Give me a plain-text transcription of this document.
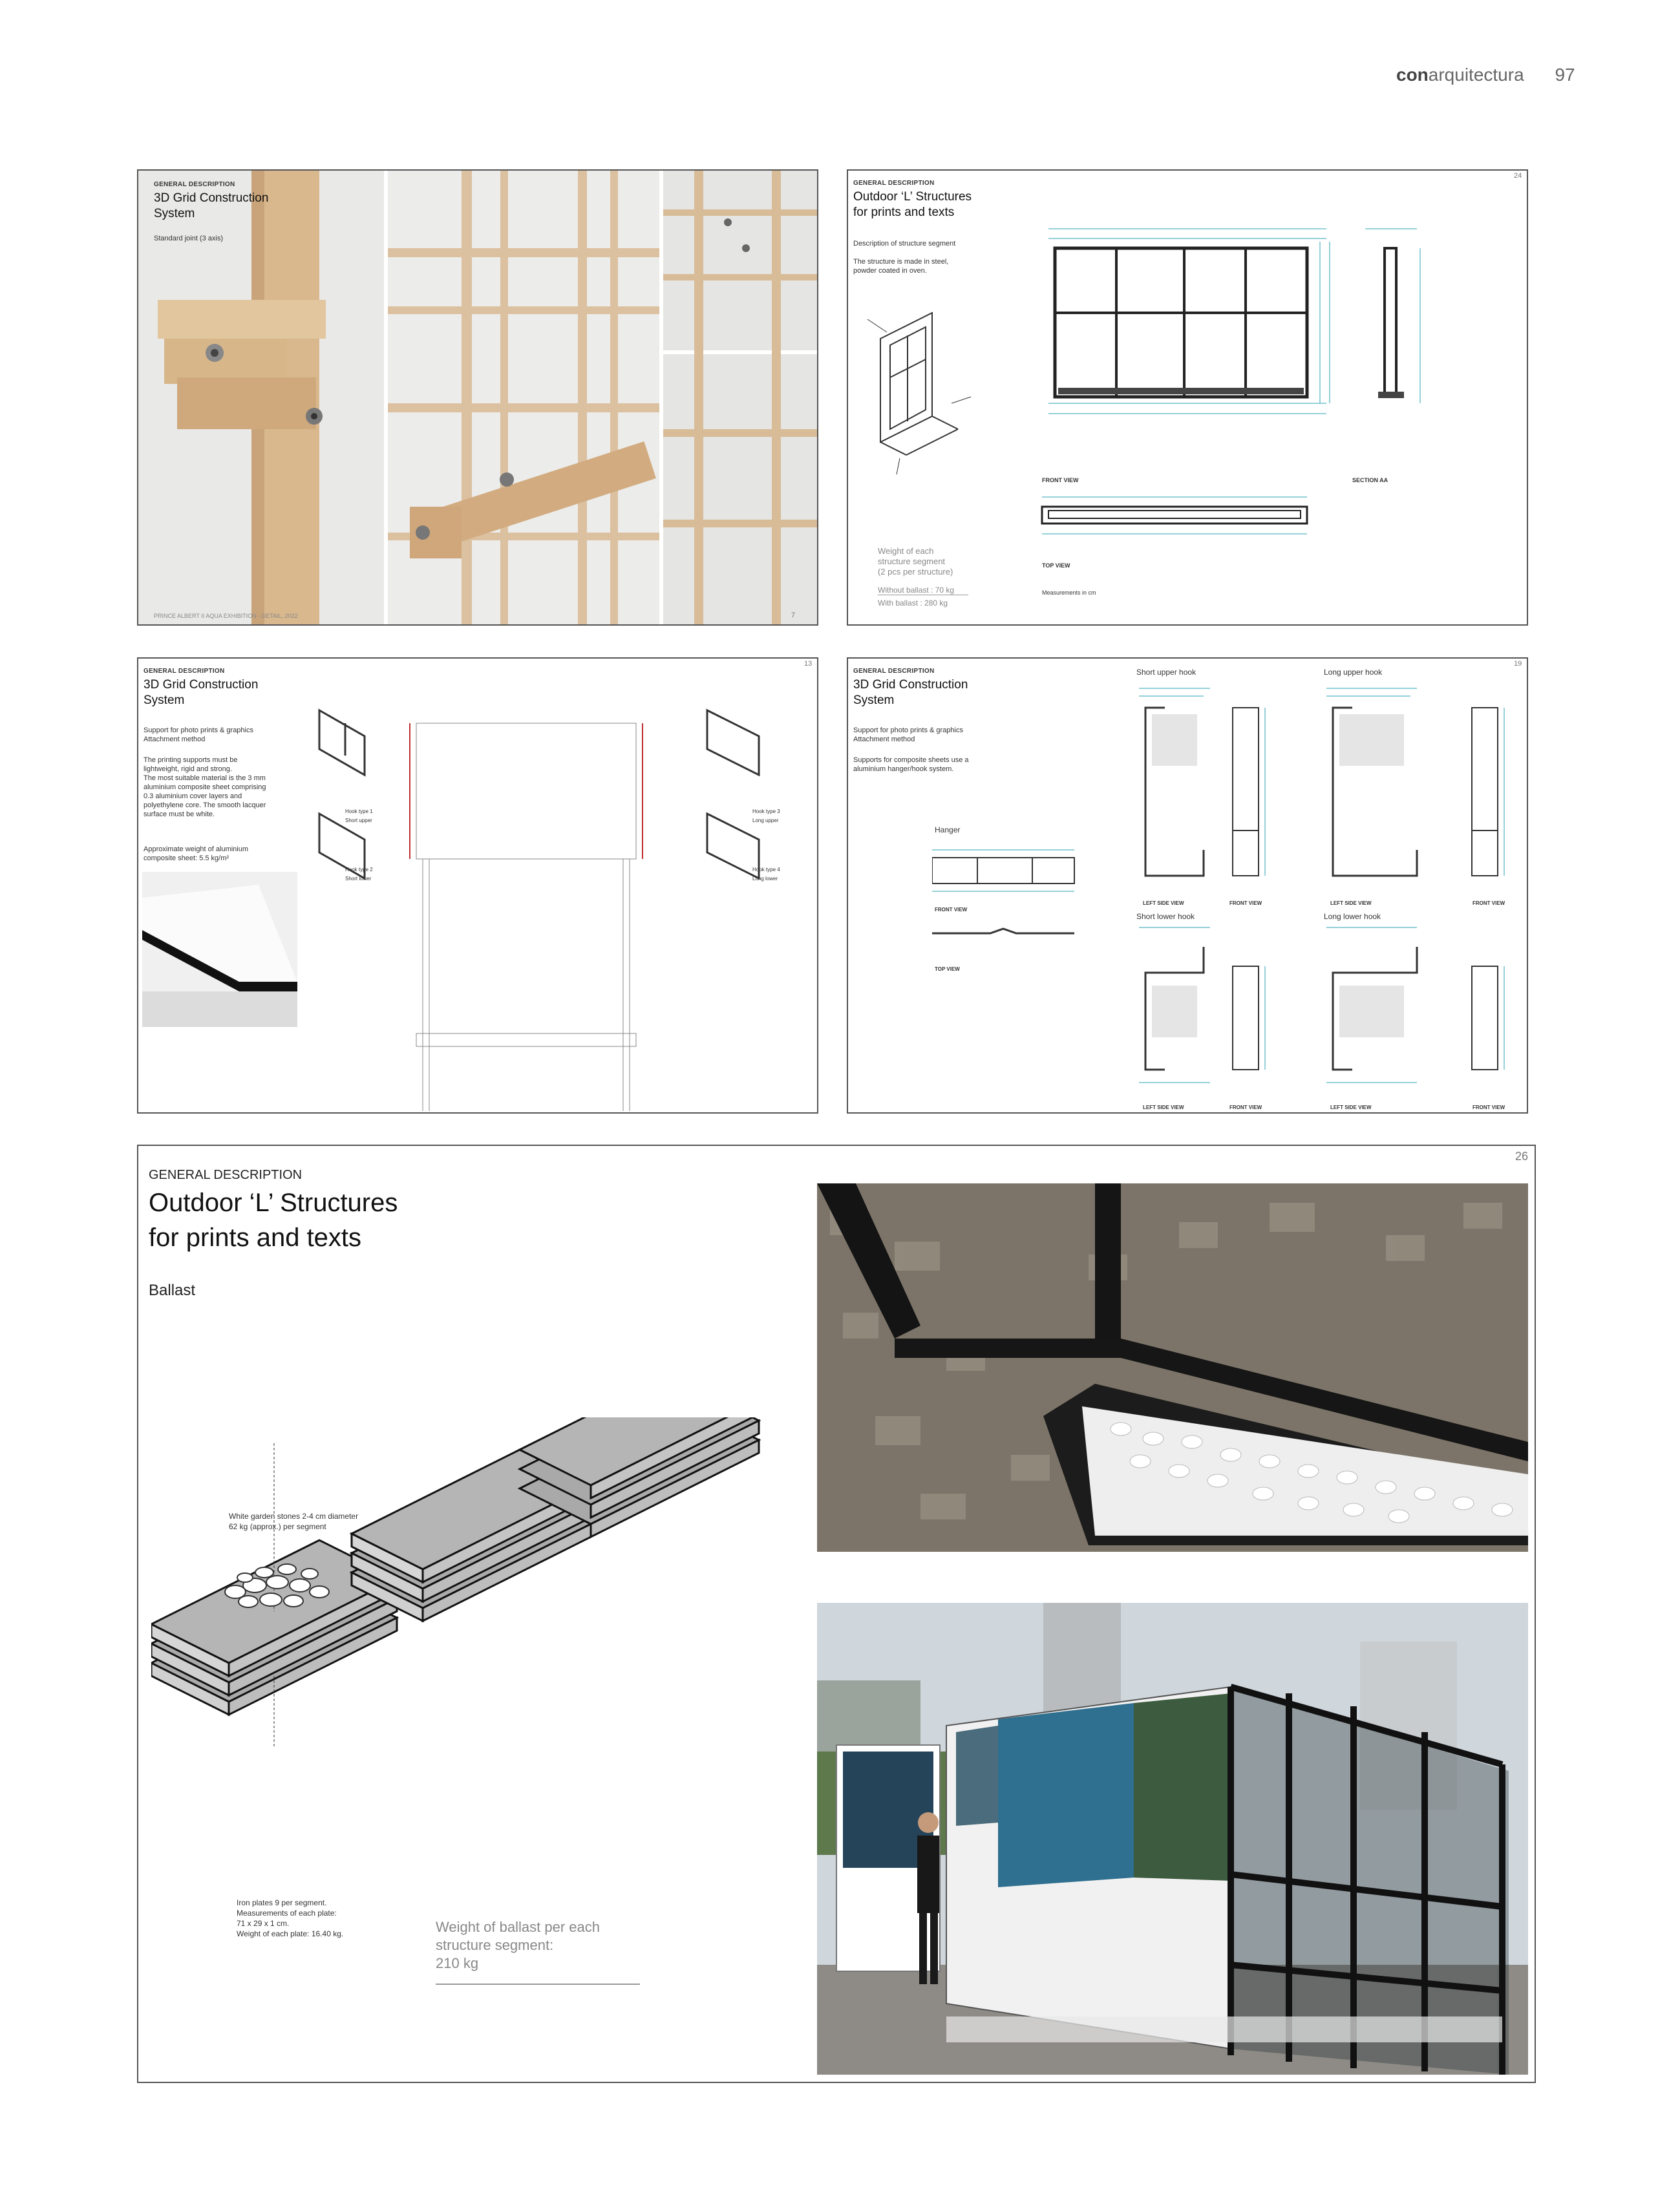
conarquitectura 97
GENERAL DESCRIPTION
3D Grid Construction
System
Standard joint (3 axis)
PRINCE ALBERT II AQUA EXHIBITION - DETAIL, 2022	7
GENERAL DESCRIPTION
Outdoor ‘L’ Structures
for prints and texts
Description of structure segment
The structure is made in steel,
powder coated in oven.
FRONT VIEW	SECTION AA
TOP VIEW
Measurements in cm
Weight of each
structure segment
(2 pcs per structure)
Without ballast : 70 kg
With ballast : 280 kg
24
GENERAL DESCRIPTION
3D Grid Construction
System
Support for photo prints & graphics
Attachment method
The printing supports must be
lightweight, rigid and strong.
The most suitable material is the 3 mm
aluminium composite sheet comprising
0.3 aluminium cover layers and
polyethylene core. The smooth lacquer
surface must be white.
Approximate weight of aluminium
composite sheet: 5.5 kg/m²
Hook type 1 Short upper
Hook type 2 Short lower
Hook type 3 Long upper
Hook type 4 Long lower
13
GENERAL DESCRIPTION
3D Grid Construction
System
Support for photo prints & graphics
Attachment method
Supports for composite sheets use a
aluminium hanger/hook system.
Hanger
FRONT VIEW
TOP VIEW
Short upper hook	Long upper hook
Short lower hook	Long lower hook
LEFT SIDE VIEW	FRONT VIEW	LEFT SIDE VIEW	FRONT VIEW
LEFT SIDE VIEW	FRONT VIEW	LEFT SIDE VIEW	FRONT VIEW
19
GENERAL DESCRIPTION
Outdoor ‘L’ Structures
for prints and texts
Ballast
White garden stones 2-4 cm diameter
62 kg (approx.) per segment
Iron plates 9 per segment.
Measurements of each plate:
71 x 29 x 1 cm.
Weight of each plate: 16.40 kg.	Weight of ballast per each
structure segment:
210 kg
26
